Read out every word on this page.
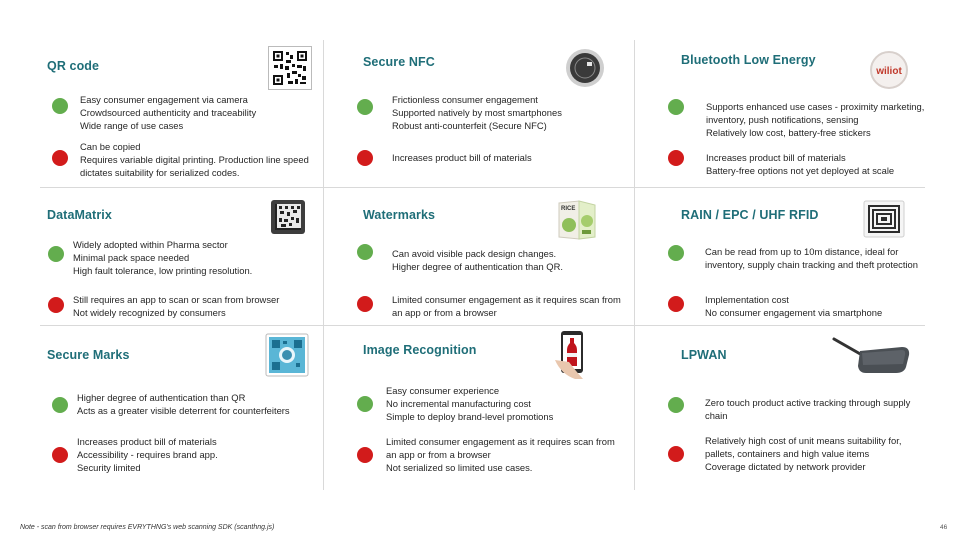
QR code
Easy consumer engagement via camera
Crowdsourced authenticity and traceability
Wide range of use cases
Can be copied
Requires variable digital printing. Production line speed dictates suitability for serialized codes.
Secure NFC
Frictionless consumer engagement
Supported natively by most smartphones
Robust anti-counterfeit (Secure NFC)
Increases product bill of materials
Bluetooth Low Energy
wiliot
Supports enhanced use cases - proximity marketing, inventory, push notifications, sensing
Relatively low cost, battery-free stickers
Increases product bill of materials
Battery-free options not yet deployed at scale
DataMatrix
Widely adopted within Pharma sector
Minimal pack space needed
High fault tolerance, low printing resolution.
Still requires an app to scan or scan from browser
Not widely recognized by consumers
Watermarks	RICE
Can avoid visible pack design changes.
Higher degree of authentication than QR.
Limited consumer engagement as it requires scan from an app or from a browser
RAIN / EPC / UHF RFID
Can be read from up to 10m distance, ideal for inventory, supply chain tracking and theft protection
Implementation cost
No consumer engagement via smartphone
Secure Marks
Higher degree of authentication than QR
Acts as a greater visible deterrent for counterfeiters
Increases product bill of materials
Accessibility - requires brand app.
Security limited
Image Recognition
Easy consumer experience
No incremental manufacturing cost
Simple to deploy brand-level promotions
Limited consumer engagement as it requires scan from an app or from a browser
Not serialized so limited use cases.
LPWAN
Zero touch product active tracking through supply chain
Relatively high cost of unit means suitability for, pallets, containers and high value items
Coverage dictated by network provider
Note - scan from browser requires EVRYTHNG's web scanning SDK (scanthng.js)	46
